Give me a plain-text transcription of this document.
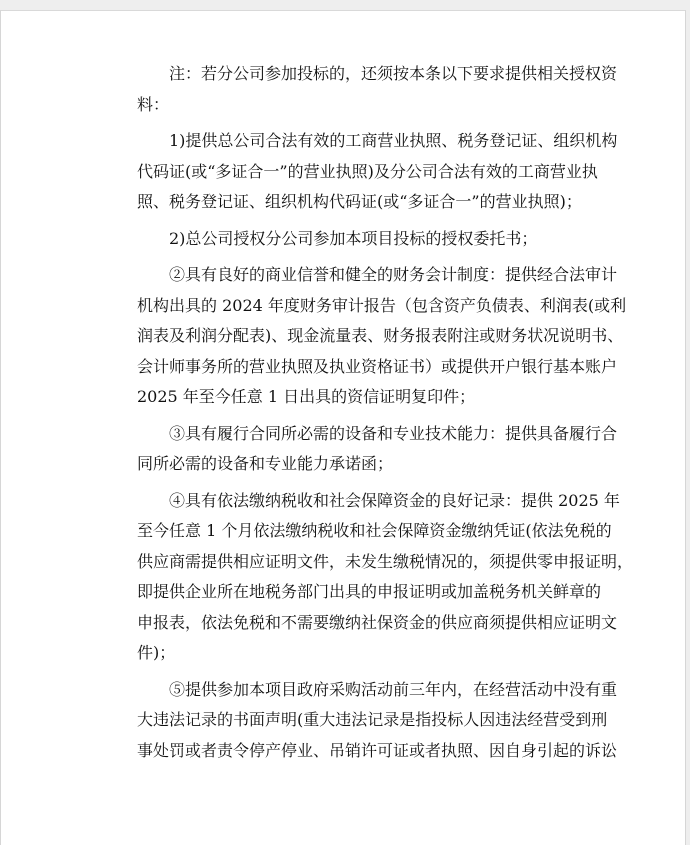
注：若分公司参加投标的，还须按本条以下要求提供相关授权资
料：
1)提供总公司合法有效的工商营业执照、税务登记证、组织机构
代码证(或“多证合一”的营业执照)及分公司合法有效的工商营业执
照、税务登记证、组织机构代码证(或“多证合一”的营业执照)；
2)总公司授权分公司参加本项目投标的授权委托书；
②具有良好的商业信誉和健全的财务会计制度：提供经合法审计
机构出具的 2024 年度财务审计报告（包含资产负债表、利润表(或利
润表及利润分配表)、现金流量表、财务报表附注或财务状况说明书、
会计师事务所的营业执照及执业资格证书）或提供开户银行基本账户
2025 年至今任意 1 日出具的资信证明复印件；
③具有履行合同所必需的设备和专业技术能力：提供具备履行合
同所必需的设备和专业能力承诺函；
④具有依法缴纳税收和社会保障资金的良好记录：提供 2025 年
至今任意 1 个月依法缴纳税收和社会保障资金缴纳凭证(依法免税的
供应商需提供相应证明文件，未发生缴税情况的，须提供零申报证明，
即提供企业所在地税务部门出具的申报证明或加盖税务机关鲜章的
申报表，依法免税和不需要缴纳社保资金的供应商须提供相应证明文
件)；
⑤提供参加本项目政府采购活动前三年内，在经营活动中没有重
大违法记录的书面声明(重大违法记录是指投标人因违法经营受到刑
事处罚或者责令停产停业、吊销许可证或者执照、因自身引起的诉讼
